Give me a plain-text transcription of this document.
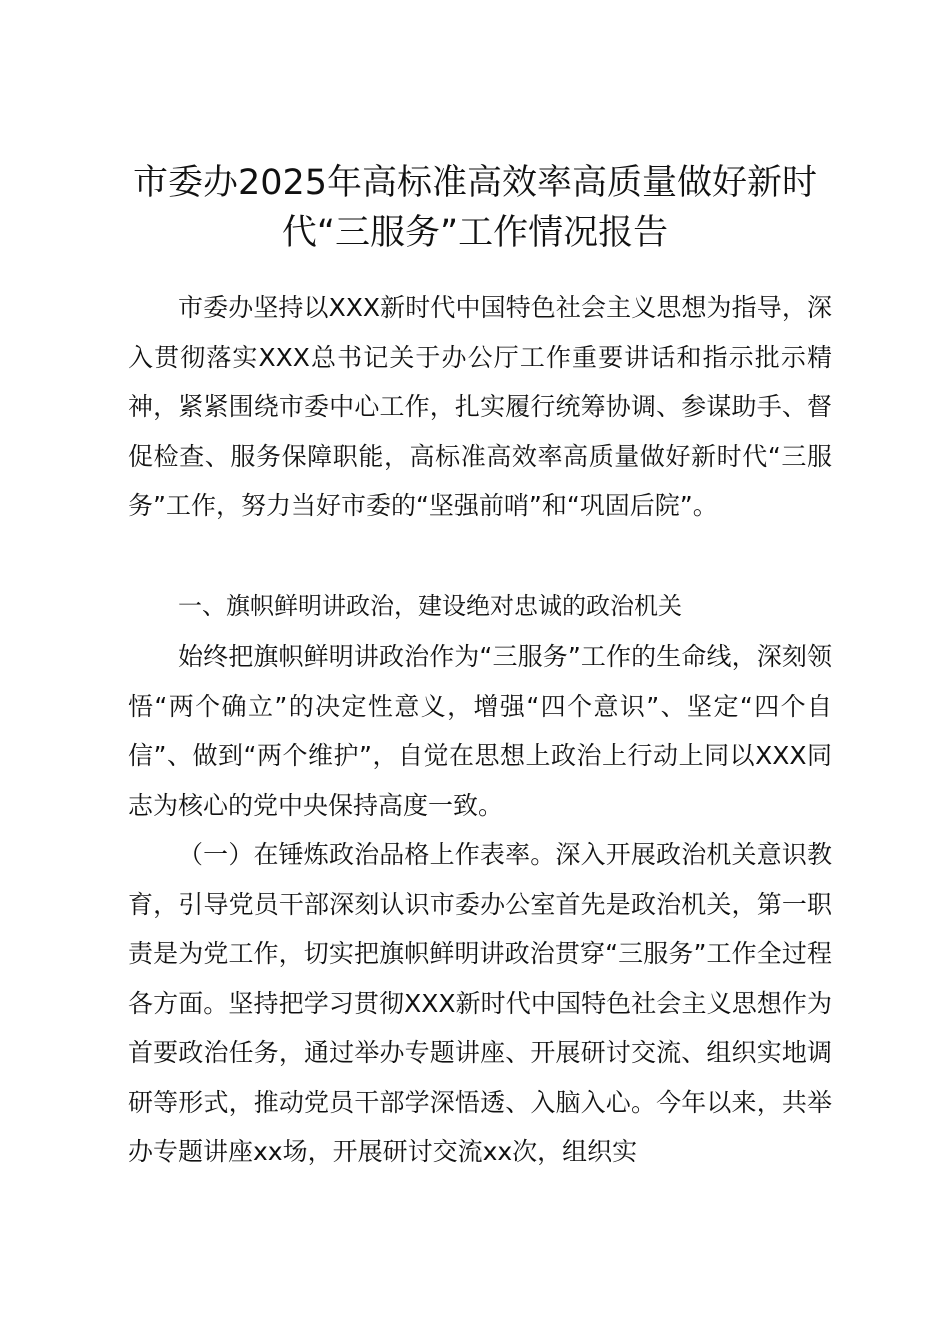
市委办2025年高标准高效率高质量做好新时代“三服务”工作情况报告
市委办坚持以XXX新时代中国特色社会主义思想为指导，深入贯彻落实XXX总书记关于办公厅工作重要讲话和指示批示精神，紧紧围绕市委中心工作，扎实履行统筹协调、参谋助手、督促检查、服务保障职能，高标准高效率高质量做好新时代“三服务”工作，努力当好市委的“坚强前哨”和“巩固后院”。
一、旗帜鲜明讲政治，建设绝对忠诚的政治机关
始终把旗帜鲜明讲政治作为“三服务”工作的生命线，深刻领悟“两个确立”的决定性意义，增强“四个意识”、坚定“四个自信”、做到“两个维护”，自觉在思想上政治上行动上同以XXX同志为核心的党中央保持高度一致。
（一）在锤炼政治品格上作表率。深入开展政治机关意识教育，引导党员干部深刻认识市委办公室首先是政治机关，第一职责是为党工作，切实把旗帜鲜明讲政治贯穿“三服务”工作全过程各方面。坚持把学习贯彻XXX新时代中国特色社会主义思想作为首要政治任务，通过举办专题讲座、开展研讨交流、组织实地调研等形式，推动党员干部学深悟透、入脑入心。今年以来，共举办专题讲座xx场，开展研讨交流xx次，组织实
